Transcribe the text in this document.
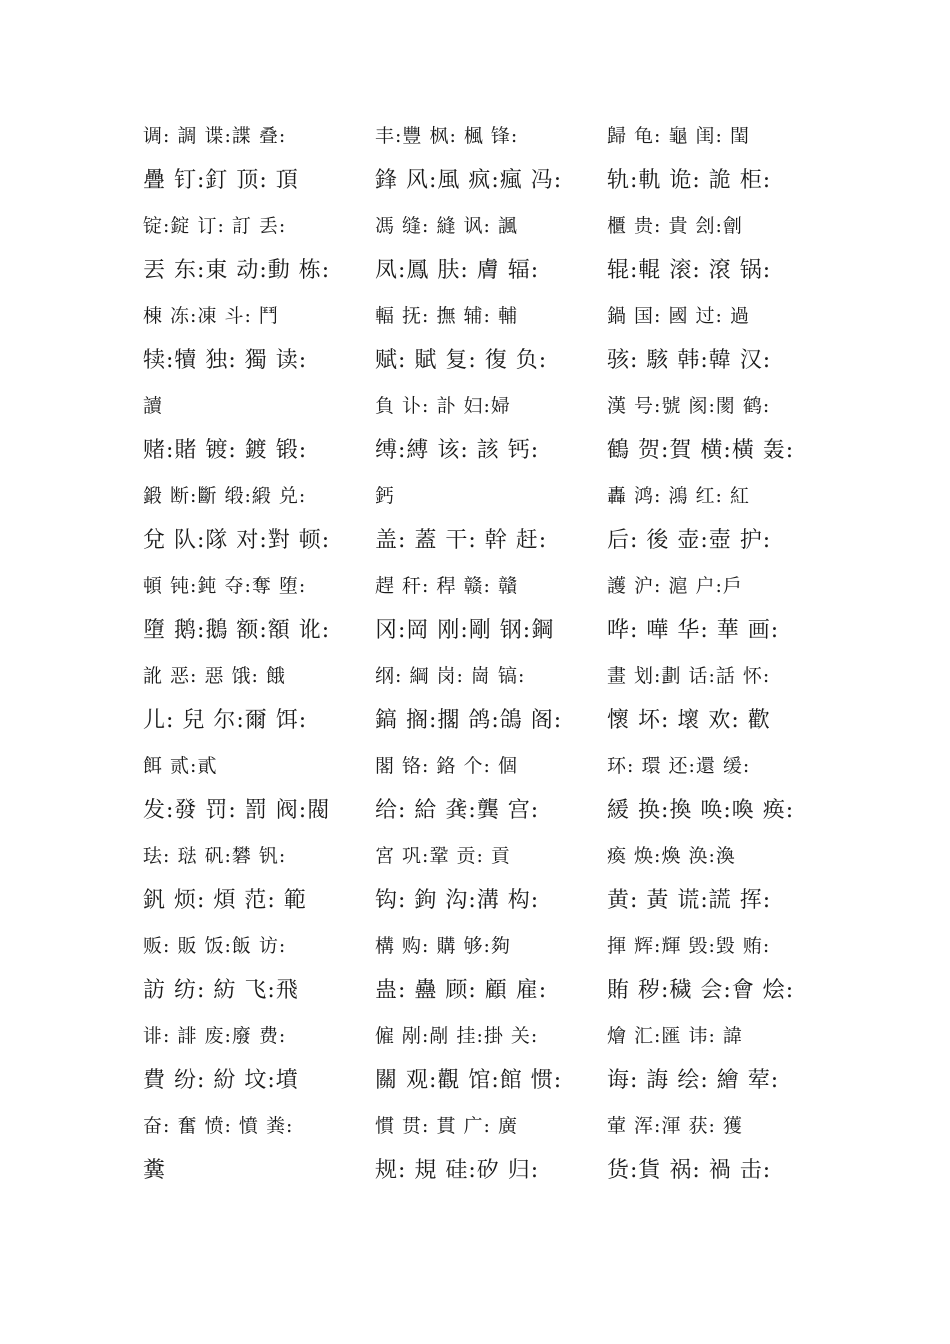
调: 調 谍:諜 叠:
疊 钉:釘 顶: 頂
锭:錠 订: 訂 丢:
丟 东:東 动:動 栋:
棟 冻:凍 斗: 鬥
犊:犢 独: 獨 读:
讀
赌:賭 镀: 鍍 锻:
鍛 断:斷 缎:緞 兑:
兌 队:隊 对:對 顿:
頓 钝:鈍 夺:奪 堕:
墮 鹅:鵝 额:額 讹:
訛 恶: 惡 饿: 餓
儿: 兒 尔:爾 饵:
餌 贰:貳
发:發 罚: 罰 阀:閥
珐: 琺 矾:礬 钒:
釩 烦: 煩 范: 範
贩: 販 饭:飯 访:
訪 纺: 紡 飞:飛
诽: 誹 废:廢 费:
費 纷: 紛 坟:墳
奋: 奮 愤: 憤 粪:
糞
丰:豐 枫: 楓 锋:
鋒 风:風 疯:瘋 冯:
馮 缝: 縫 讽: 諷
凤:鳳 肤: 膚 辐:
輻 抚: 撫 辅: 輔
赋: 賦 复: 復 负:
負 讣: 訃 妇:婦
缚:縛 该: 該 钙:
鈣
盖: 蓋 干: 幹 赶:
趕 秆: 稈 赣: 贛
冈:岡 刚:剛 钢:鋼
纲: 綱 岗: 崗 镐:
鎬 搁:擱 鸽:鴿 阁:
閣 铬: 鉻 个: 個
给: 給 龚:龔 宫:
宮 巩:鞏 贡: 貢
钩: 鉤 沟:溝 构:
構 购: 購 够:夠
蛊: 蠱 顾: 顧 雇:
僱 剐:剮 挂:掛 关:
關 观:觀 馆:館 惯:
慣 贯: 貫 广: 廣
规: 規 硅:矽 归:
歸 龟: 龜 闺: 閨
轨:軌 诡: 詭 柜:
櫃 贵: 貴 刽:劊
辊:輥 滚: 滾 锅:
鍋 国: 國 过: 過
骇: 駭 韩:韓 汉:
漢 号:號 阂:閡 鹤:
鶴 贺:賀 横:橫 轰:
轟 鸿: 鴻 红: 紅
后: 後 壶:壺 护:
護 沪: 滬 户:戶
哗: 嘩 华: 華 画:
畫 划:劃 话:話 怀:
懷 坏: 壞 欢: 歡
环: 環 还:還 缓:
緩 换:換 唤:喚 痪:
瘓 焕:煥 涣:渙
黄: 黃 谎:謊 挥:
揮 辉:輝 毁:毀 贿:
賄 秽:穢 会:會 烩:
燴 汇:匯 讳: 諱
诲: 誨 绘: 繪 荤:
葷 浑:渾 获: 獲
货:貨 祸: 禍 击:
